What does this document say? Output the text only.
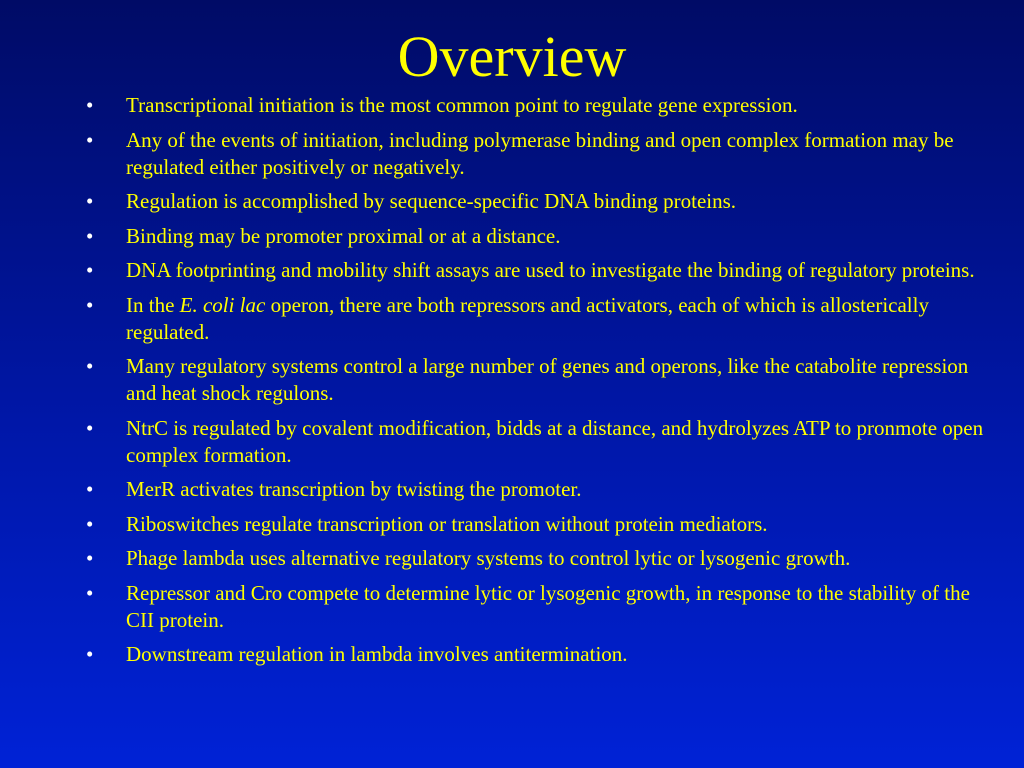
Overview
• Transcriptional initiation is the most common point to regulate gene expression.
• Any of the events of initiation, including polymerase binding and open complex formation may be regulated either positively or negatively.
• Regulation is accomplished by sequence-specific DNA binding proteins.
• Binding may be promoter proximal or at a distance.
• DNA footprinting and mobility shift assays are used to investigate the binding of regulatory proteins.
• In the E. coli lac operon, there are both repressors and activators, each of which is allosterically regulated.
• Many regulatory systems control a large number of genes and operons, like the catabolite repression and heat shock regulons.
• NtrC is regulated by covalent modification, bidds at a distance, and hydrolyzes ATP to pronmote open complex formation.
• MerR activates transcription by twisting the promoter.
• Riboswitches regulate transcription or translation without protein mediators.
• Phage lambda uses alternative regulatory systems to control lytic or lysogenic growth.
• Repressor and Cro compete to determine lytic or lysogenic growth, in response to the stability of the CII protein.
• Downstream regulation in lambda involves antitermination.
